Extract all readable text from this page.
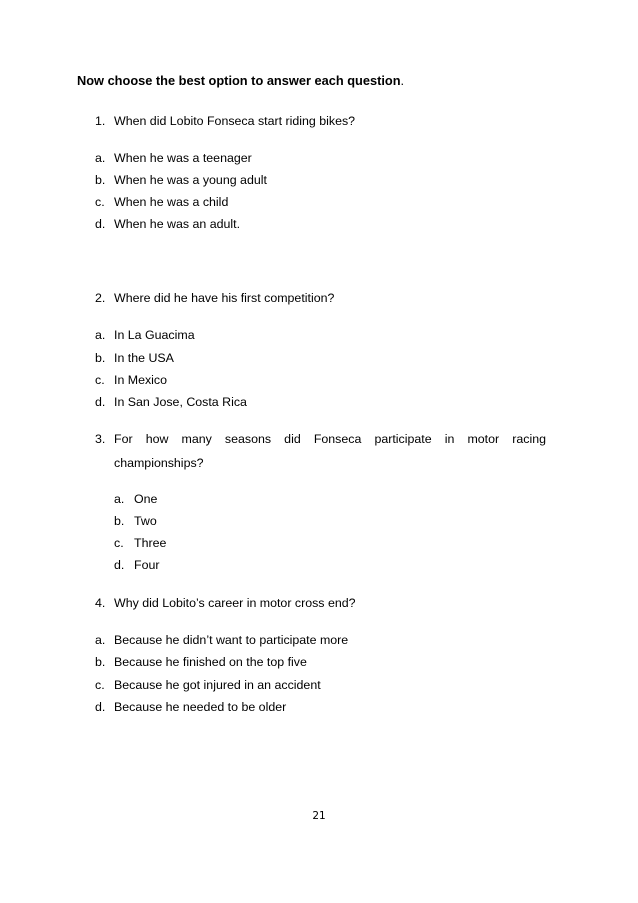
Now choose the best option to answer each question.
1. When did Lobito Fonseca start riding bikes?
a. When he was a teenager
b. When he was a young adult
c. When he was a child
d. When he was an adult.
2. Where did he have his first competition?
a. In La Guacima
b. In the USA
c. In Mexico
d. In San Jose, Costa Rica
3. For how many seasons did Fonseca participate in motor racing
championships?
a. One
b. Two
c. Three
d. Four
4. Why did Lobito’s career in motor cross end?
a. Because he didn’t want to participate more
b. Because he finished on the top five
c. Because he got injured in an accident
d. Because he needed to be older
21
